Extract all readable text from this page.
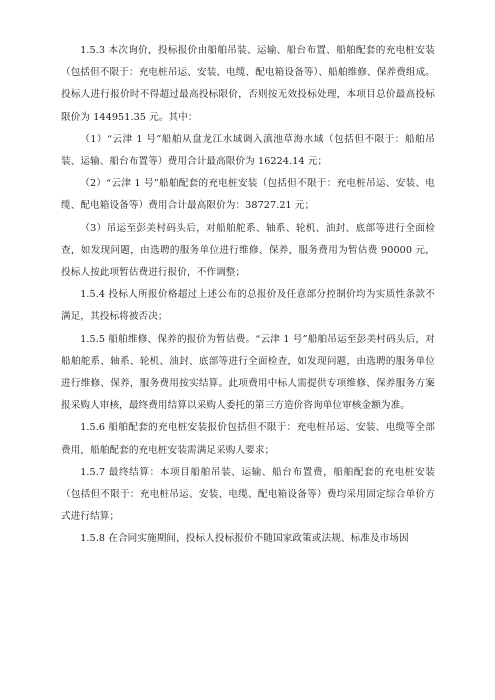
1.5.3 本次询价，投标报价由船舶吊装、运输、船台布置、船舶配套的充电桩安装（包括但不限于：充电桩吊运、安装、电缆、配电箱设备等）、船舶维修、保养费组成。投标人进行报价时不得超过最高投标限价，否则按无效投标处理，本项目总价最高投标限价为 144951.35 元。其中：

（1）“云津 1 号”船舶从盘龙江水域调入滇池草海水域（包括但不限于：船舶吊装、运输、船台布置等）费用合计最高限价为 16224.14 元；

（2）“云津 1 号”船舶配套的充电桩安装（包括但不限于：充电桩吊运、安装、电缆、配电箱设备等）费用合计最高限价为：38727.21 元；

（3）吊运至彭美村码头后，对船舶舵系、轴系、轮机、油封、底部等进行全面检查，如发现问题，由选聘的服务单位进行维修、保养，服务费用为暂估费 90000 元，投标人按此项暂估费进行报价，不作调整；

1.5.4 投标人所报价格超过上述公布的总报价及任意部分控制价均为实质性条款不满足，其投标将被否决；

1.5.5 船舶维修、保养的报价为暂估费。“云津 1 号”船舶吊运至彭美村码头后，对船舶舵系、轴系、轮机、油封、底部等进行全面检查，如发现问题，由选聘的服务单位进行维修、保养，服务费用按实结算。此项费用中标人需提供专项维修、保养服务方案报采购人审核，最终费用结算以采购人委托的第三方造价咨询单位审核金额为准。

1.5.6 船舶配套的充电桩安装报价包括但不限于：充电桩吊运、安装、电缆等全部费用，船舶配套的充电桩安装需满足采购人要求；

1.5.7 最终结算：本项目船舶吊装、运输、船台布置费，船舶配套的充电桩安装（包括但不限于：充电桩吊运、安装、电缆、配电箱设备等）费均采用固定综合单价方式进行结算；

1.5.8 在合同实施期间，投标人投标报价不随国家政策或法规、标准及市场因
